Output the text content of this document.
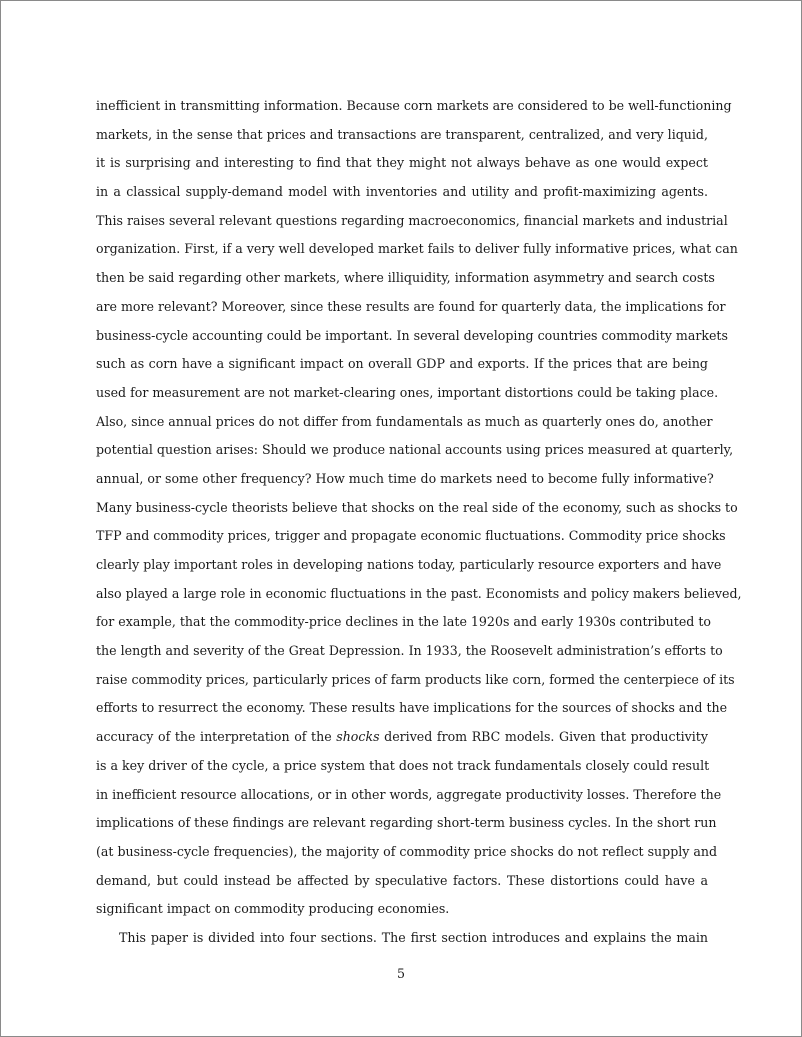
inefficient in transmitting information. Because corn markets are considered to be well-functioning
markets, in the sense that prices and transactions are transparent, centralized, and very liquid,
it is surprising and interesting to find that they might not always behave as one would expect
in a classical supply-demand model with inventories and utility and profit-maximizing agents.
This raises several relevant questions regarding macroeconomics, financial markets and industrial
organization. First, if a very well developed market fails to deliver fully informative prices, what can
then be said regarding other markets, where illiquidity, information asymmetry and search costs
are more relevant? Moreover, since these results are found for quarterly data, the implications for
business-cycle accounting could be important. In several developing countries commodity markets
such as corn have a significant impact on overall GDP and exports. If the prices that are being
used for measurement are not market-clearing ones, important distortions could be taking place.
Also, since annual prices do not differ from fundamentals as much as quarterly ones do, another
potential question arises: Should we produce national accounts using prices measured at quarterly,
annual, or some other frequency? How much time do markets need to become fully informative?
Many business-cycle theorists believe that shocks on the real side of the economy, such as shocks to
TFP and commodity prices, trigger and propagate economic fluctuations. Commodity price shocks
clearly play important roles in developing nations today, particularly resource exporters and have
also played a large role in economic fluctuations in the past. Economists and policy makers believed,
for example, that the commodity-price declines in the late 1920s and early 1930s contributed to
the length and severity of the Great Depression. In 1933, the Roosevelt administration’s efforts to
raise commodity prices, particularly prices of farm products like corn, formed the centerpiece of its
efforts to resurrect the economy. These results have implications for the sources of shocks and the
accuracy of the interpretation of the shocks derived from RBC models. Given that productivity
is a key driver of the cycle, a price system that does not track fundamentals closely could result
in inefficient resource allocations, or in other words, aggregate productivity losses. Therefore the
implications of these findings are relevant regarding short-term business cycles. In the short run
(at business-cycle frequencies), the majority of commodity price shocks do not reflect supply and
demand, but could instead be affected by speculative factors. These distortions could have a
significant impact on commodity producing economies.
This paper is divided into four sections. The first section introduces and explains the main
5
